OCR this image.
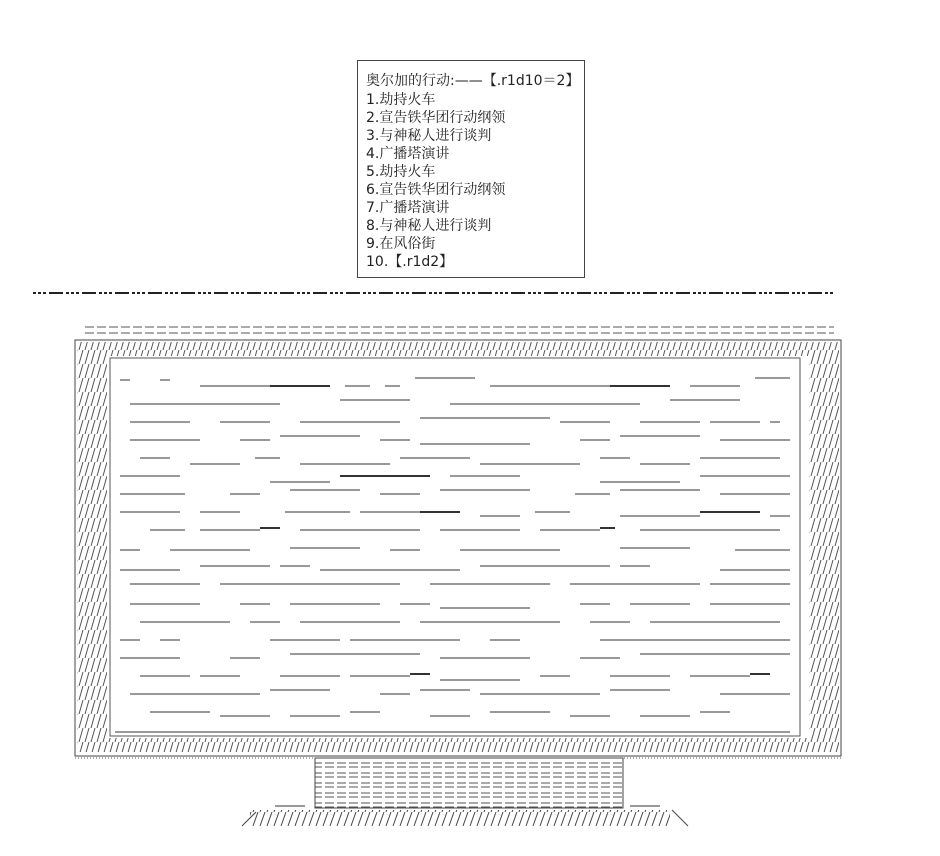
奥尔加的行动:——【.r1d10＝2】
1.劫持火车
2.宣告铁华团行动纲领
3.与神秘人进行谈判
4.广播塔演讲
5.劫持火车
6.宣告铁华团行动纲领
7.广播塔演讲
8.与神秘人进行谈判
9.在风俗街
10.【.r1d2】
